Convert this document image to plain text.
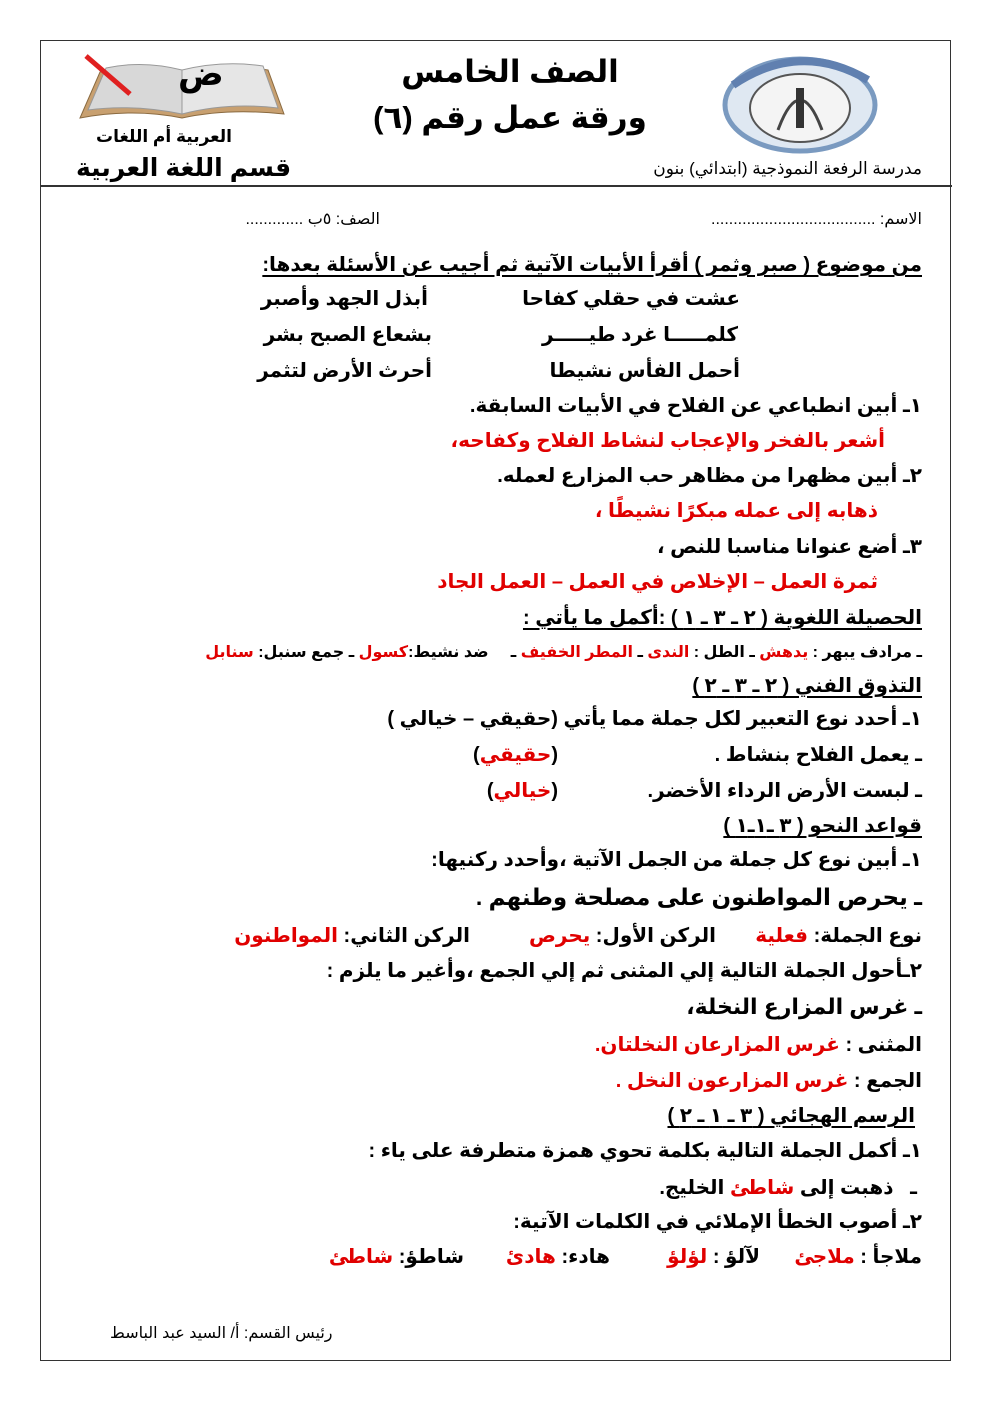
ض	الصف الخامس
ورقة عمل رقم (٦)
مدرسة الرفعة النموذجية (ابتدائي) بنون
العربية أم اللغات
قسم اللغة العربية
الاسم: .....................................
الصف: ٥ب .............
من موضوع ( صبر وثمر ) أقرأ الأبيات الآتية ثم أجيب عن الأسئلة بعدها:
عشت في حقلي كفاحا
أبذل الجهد وأصبر
كلمـــــا غرد طيـــــر
بشعاع الصبح بشر
أحمل الفأس نشيطا
أحرث الأرض لتثمر
١ـ أبين انطباعي عن الفلاح في الأبيات السابقة.
أشعر بالفخر والإعجاب لنشاط الفلاح وكفاحه،
٢ـ أبين مظهرا من مظاهر حب المزارع لعمله.
ذهابه إلى عمله مبكرًا نشيطًا ،
٣ـ أضع عنوانا مناسبا للنص ،
ثمرة العمل – الإخلاص في العمل – العمل الجاد
الحصيلة اللغوية ( ٢ ـ ٣ ـ ١ ) :أكمل ما يأتي :
ـ مرادف يبهر : يدهش ـ الطل : الندى ـ المطر الخفيف ـ     ضد نشيط:كسول ـ جمع سنبل: سنابل
التذوق الفني ( ٢ ـ ٣ ـ ٢ )
١ـ أحدد نوع التعبير لكل جملة مما يأتي (حقيقي – خيالي )
ـ يعمل الفلاح بنشاط .
(حقيقي)
ـ لبست الأرض الرداء الأخضر.
(خيالي)
قواعد النحو ( ٣ ـ١ـ١ )
١ـ أبين نوع كل جملة من الجمل الآتية ،وأحدد ركنيها:
ـ يحرص المواطنون على مصلحة وطنهم .
نوع الجملة: فعلية
الركن الأول: يحرص
الركن الثاني: المواطنون
٢ـأحول الجملة التالية إلي المثنى ثم إلي الجمع ،وأغير ما يلزم :
ـ غرس المزارع النخلة،
المثنى : غرس المزارعان النخلتان.
الجمع : غرس المزارعون النخل .
الرسم الهجائي ( ٣ ـ ١ ـ ٢ )
١ـ أكمل الجملة التالية بكلمة تحوي همزة متطرفة على ياء :
ـ   ذهبت إلى شاطئ الخليج.
٢ـ أصوب الخطأ الإملائي في الكلمات الآتية:
ملاجأ : ملاجئ
لآلؤ : لؤلؤ
هادء: هادئ
شاطؤ: شاطئ
رئيس القسم: أ/ السيد عبد الباسط
